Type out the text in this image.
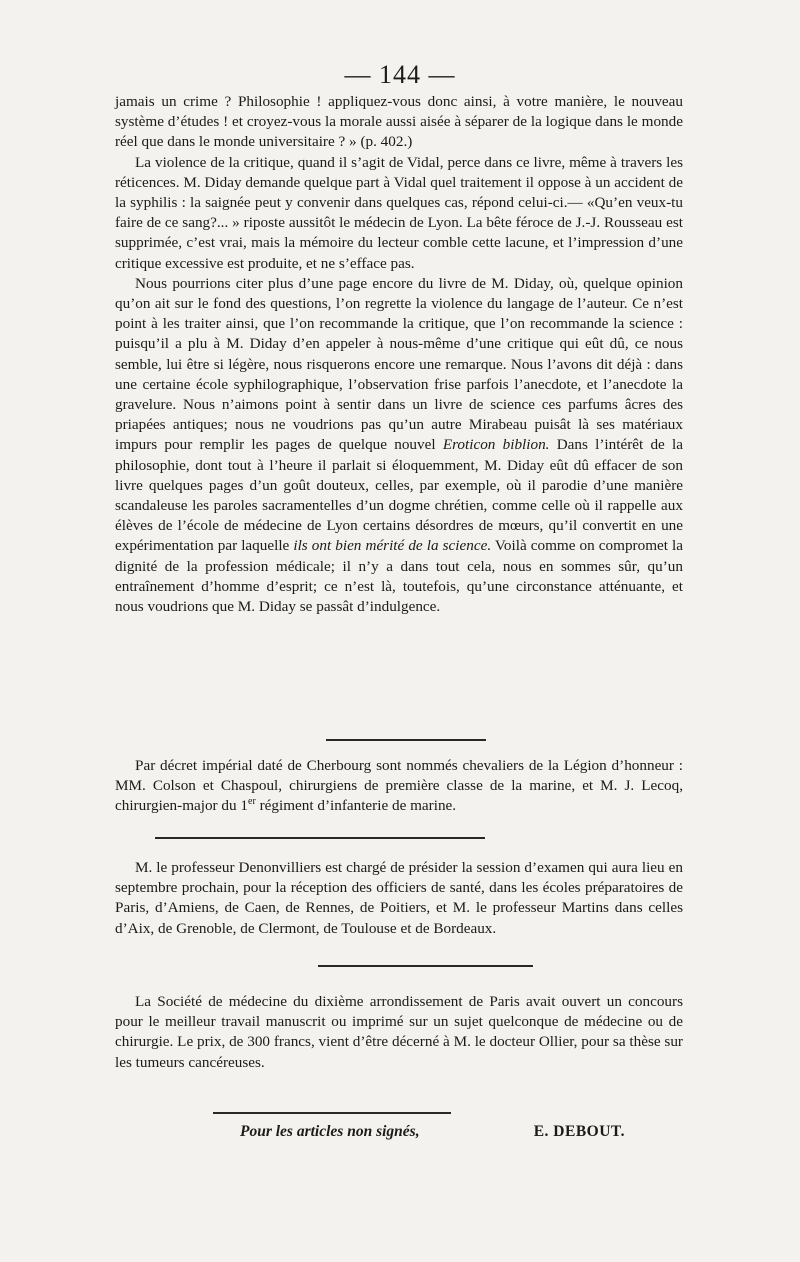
— 144 —

jamais un crime ? Philosophie ! appliquez-vous donc ainsi, à votre manière, le nouveau système d’études ! et croyez-vous la morale aussi aisée à séparer de la logique dans le monde réel que dans le monde universitaire ? » (p. 402.)

La violence de la critique, quand il s’agit de Vidal, perce dans ce livre, même à travers les réticences. M. Diday demande quelque part à Vidal quel traitement il oppose à un accident de la syphilis : la saignée peut y convenir dans quelques cas, répond celui-ci.— «Qu’en veux-tu faire de ce sang?... » riposte aussitôt le médecin de Lyon. La bête féroce de J.-J. Rousseau est supprimée, c’est vrai, mais la mémoire du lecteur comble cette lacune, et l’impression d’une critique excessive est produite, et ne s’efface pas.

Nous pourrions citer plus d’une page encore du livre de M. Diday, où, quelque opinion qu’on ait sur le fond des questions, l’on regrette la violence du langage de l’auteur. Ce n’est point à les traiter ainsi, que l’on recommande la critique, que l’on recommande la science : puisqu’il a plu à M. Diday d’en appeler à nous-même d’une critique qui eût dû, ce nous semble, lui être si légère, nous risquerons encore une remarque. Nous l’avons dit déjà : dans une certaine école syphilographique, l’observation frise parfois l’anecdote, et l’anecdote la gravelure. Nous n’aimons point à sentir dans un livre de science ces parfums âcres des priapées antiques; nous ne voudrions pas qu’un autre Mirabeau puisât là ses matériaux impurs pour remplir les pages de quelque nouvel Eroticon biblion. Dans l’intérêt de la philosophie, dont tout à l’heure il parlait si éloquemment, M. Diday eût dû effacer de son livre quelques pages d’un goût douteux, celles, par exemple, où il parodie d’une manière scandaleuse les paroles sacramentelles d’un dogme chrétien, comme celle où il rappelle aux élèves de l’école de médecine de Lyon certains désordres de mœurs, qu’il convertit en une expérimentation par laquelle ils ont bien mérité de la science. Voilà comme on compromet la dignité de la profession médicale; il n’y a dans tout cela, nous en sommes sûr, qu’un entraînement d’homme d’esprit; ce n’est là, toutefois, qu’une circonstance atténuante, et nous voudrions que M. Diday se passât d’indulgence.

Par décret impérial daté de Cherbourg sont nommés chevaliers de la Légion d’honneur : MM. Colson et Chaspoul, chirurgiens de première classe de la marine, et M. J. Lecoq, chirurgien-major du 1er régiment d’infanterie de marine.

M. le professeur Denonvilliers est chargé de présider la session d’examen qui aura lieu en septembre prochain, pour la réception des officiers de santé, dans les écoles préparatoires de Paris, d’Amiens, de Caen, de Rennes, de Poitiers, et M. le professeur Martins dans celles d’Aix, de Grenoble, de Clermont, de Toulouse et de Bordeaux.

La Société de médecine du dixième arrondissement de Paris avait ouvert un concours pour le meilleur travail manuscrit ou imprimé sur un sujet quelconque de médecine ou de chirurgie. Le prix, de 300 francs, vient d’être décerné à M. le docteur Ollier, pour sa thèse sur les tumeurs cancéreuses.

Pour les articles non signés,	E. DEBOUT.
